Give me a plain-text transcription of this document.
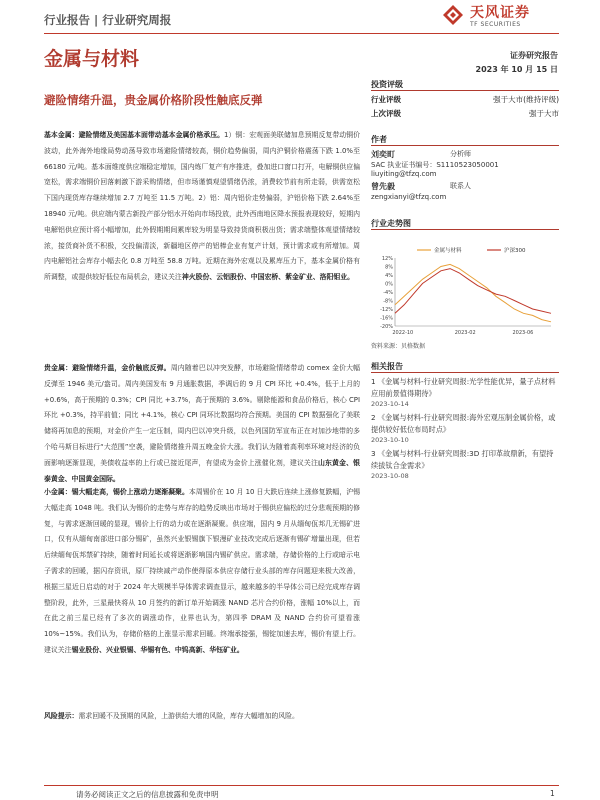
行业报告 | 行业研究周报	天风证券
TF SECURITIES
金属与材料	证券研究报告
2023 年 10 月 15 日
避险情绪升温，贵金属价格阶段性触底反弹
投资评级
行业评级	强于大市(维持评级)
上次评级	强于大市
作者
刘奕町	分析师
SAC 执业证书编号：S1110523050001
liuyiting@tfzq.com
曾先毅	联系人
zengxianyi@tfzq.com
行业走势图
12%
8%
4%
0%
-4%
-8%
-12%
-16%
-20%
2022-10	2023-02	2023-06
金属与材料	沪深300
资料来源：贝格数据
相关报告
1 《金属与材料-行业研究周报:光学性能优异，量子点材料应用前景值得期待》
2023-10-14
2 《金属与材料-行业研究周报:海外宏观压制金属价格，或提供较好低位布局时点》
2023-10-10
3 《金属与材料-行业研究周报:3D 打印革故鼎新，有望持续拔钛合金需求》
2023-10-08
基本金属：避险情绪及美国基本面带动基本金属价格承压。1）铜：宏观面美联储加息预期反复带动铜价波动，此外海外地缘局势动荡导致市场避险情绪较高，铜价趋势偏弱，周内沪铜价格震荡下跌 1.0%至 66180 元/吨。基本面维度供应端稳定增加，国内炼厂复产有序推进，叠加进口窗口打开，电解铜供应偏宽松，需求端铜价回落刺激下游采购情绪，但市场谨慎观望情绪仍浓，消费较节前有所走弱，供需宽松下国内现货库存继续增加 2.7 万吨至 11.5 万吨。2）铝：周内铝价走势偏弱，沪铝价格下跌 2.64%至 18940 元/吨。供应端内蒙古新投产部分铝水开始向市场投放，此外西南地区降水预报表现较好，短期内电解铝供应预计将小幅增加，此外假期期间累库较为明显导致持货商积极出货；需求端整体观望情绪较浓，接货商补货不积极，交投偏清淡，新疆地区停产的铝棒企业有复产计划，预计需求或有所增加。周内电解铝社会库存小幅去化 0.8 万吨至 58.8 万吨。近期在海外宏观以及累库压力下，基本金属价格有所调整，或提供较好低位布局机会，建议关注神火股份、云铝股份、中国宏桥、紫金矿业、洛阳钼业。
贵金属：避险情绪升温，金价触底反弹。周内随着巴以冲突发酵，市场避险情绪带动 comex 金价大幅反弹至 1946 美元/盎司。周内美国发布 9 月通胀数据，季调后的 9 月 CPI 环比 +0.4%，低于上月的 +0.6%，高于预期的 0.3%；CPI 同比 +3.7%，高于预期的 3.6%。剔除能源和食品价格后，核心 CPI 环比 +0.3%，持平前值；同比 +4.1%，核心 CPI 同环比数据均符合预期。美国的 CPI 数据强化了美联储将再加息的预期，对金价产生一定压制，周内巴以冲突升级，以色列国防军宣布正在对加沙地带的多个哈马斯目标进行“大范围”空袭，避险情绪推升周五晚金价大涨。我们认为随着高利率环境对经济的负面影响逐渐显现，美债收益率的上行或已接近尾声，有望成为金价上涨催化剂，建议关注山东黄金、银泰黄金、中国黄金国际。
小金属：锡大幅走高，锡价上涨动力逐渐凝聚。本周锡价在 10 月 10 日大跌后连续上涨修复跌幅，沪锡大幅走高 1048 吨。我们认为锡价的走势与库存的趋势反映出市场对于锡供应偏松的过分悲观预期的修复，与需求逐渐回暖的显现，锡价上行的动力或在逐渐凝聚。供应端，国内 9 月从缅甸佤邦几无锡矿进口，仅有从缅甸南部进口部分锡矿，虽然兴业银锡旗下银漫矿业技改完成后逐渐有锡矿增量出现，但若后续缅甸佤邦禁矿持续，随着时间延长或将逐渐影响国内锡矿供应。需求端，存储价格的上行或暗示电子需求的回暖，据闪存资讯，原厂持续减产动作使得原本供应存储行业头部的库存问题迎来极大改善，根据三星近日启动的对于 2024 年大规模半导体需求调查显示，越来越多的半导体公司已经完成库存调整阶段，此外，三星最快将从 10 月签约的新订单开始调涨 NAND 芯片合约价格，涨幅 10%以上，而在此之前三星已经有了多次的调涨动作，业界也认为，第四季 DRAM 及 NAND 合约价可望看涨 10%~15%。我们认为，存储价格的上涨显示需求回暖。终端承接强，锡锭加速去库，锡价有望上行。建议关注锡业股份、兴业银锡、华锡有色、中钨高新、华钰矿业。
风险提示：需求回暖不及预期的风险，上游供给大增的风险，库存大幅增加的风险。
请务必阅读正文之后的信息披露和免责申明	1
